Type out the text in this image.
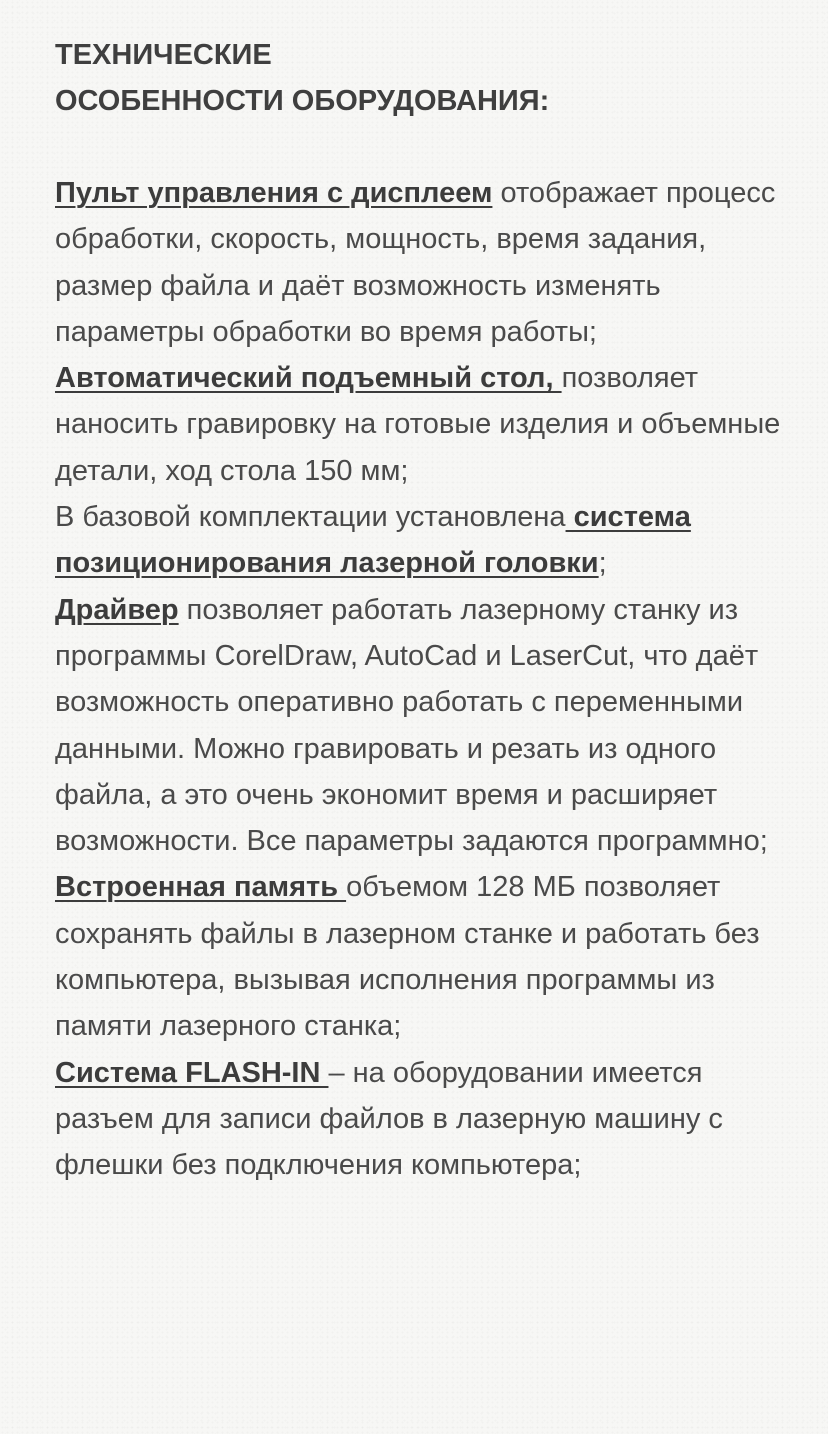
ТЕХНИЧЕСКИЕ
ОСОБЕННОСТИ ОБОРУДОВАНИЯ:
Пульт управления с дисплеем отображает процесс обработки, скорость, мощность, время задания, размер файла и даёт возможность изменять параметры обработки во время работы;
Автоматический подъемный стол, позволяет наносить гравировку на готовые изделия и объемные детали, ход стола 150 мм;
В базовой комплектации установлена система позиционирования лазерной головки;
Драйвер позволяет работать лазерному станку из программы CorelDraw, AutoCad и LaserCut, что даёт возможность оперативно работать с переменными данными. Можно гравировать и резать из одного файла, а это очень экономит время и расширяет возможности. Все параметры задаются программно;
Встроенная память объемом 128 МБ позволяет сохранять файлы в лазерном станке и работать без компьютера, вызывая исполнения программы из памяти лазерного станка;
Система FLASH-IN – на оборудовании имеется разъем для записи файлов в лазерную машину с флешки без подключения компьютера;
